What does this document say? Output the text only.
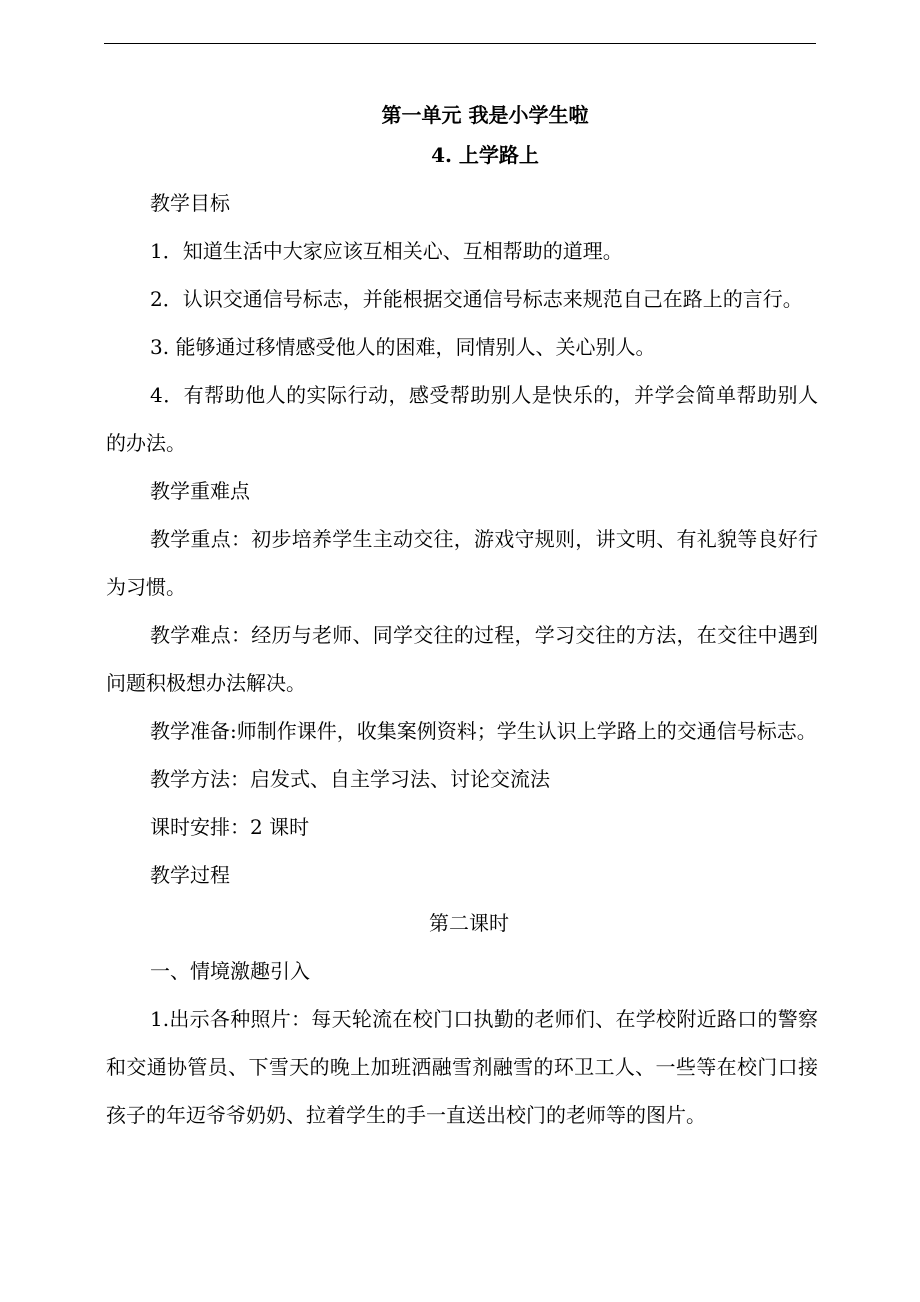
第一单元 我是小学生啦

4. 上学路上

教学目标

1．知道生活中大家应该互相关心、互相帮助的道理。

2．认识交通信号标志，并能根据交通信号标志来规范自己在路上的言行。

3. 能够通过移情感受他人的困难，同情别人、关心别人。

4．有帮助他人的实际行动，感受帮助别人是快乐的，并学会简单帮助别人的办法。

教学重难点

教学重点：初步培养学生主动交往，游戏守规则，讲文明、有礼貌等良好行为习惯。

教学难点：经历与老师、同学交往的过程，学习交往的方法，在交往中遇到问题积极想办法解决。

教学准备:师制作课件，收集案例资料；学生认识上学路上的交通信号标志。

教学方法：启发式、自主学习法、讨论交流法

课时安排：2 课时

教学过程

第二课时

一、情境激趣引入

1.出示各种照片：每天轮流在校门口执勤的老师们、在学校附近路口的警察和交通协管员、下雪天的晚上加班洒融雪剂融雪的环卫工人、一些等在校门口接孩子的年迈爷爷奶奶、拉着学生的手一直送出校门的老师等的图片。
